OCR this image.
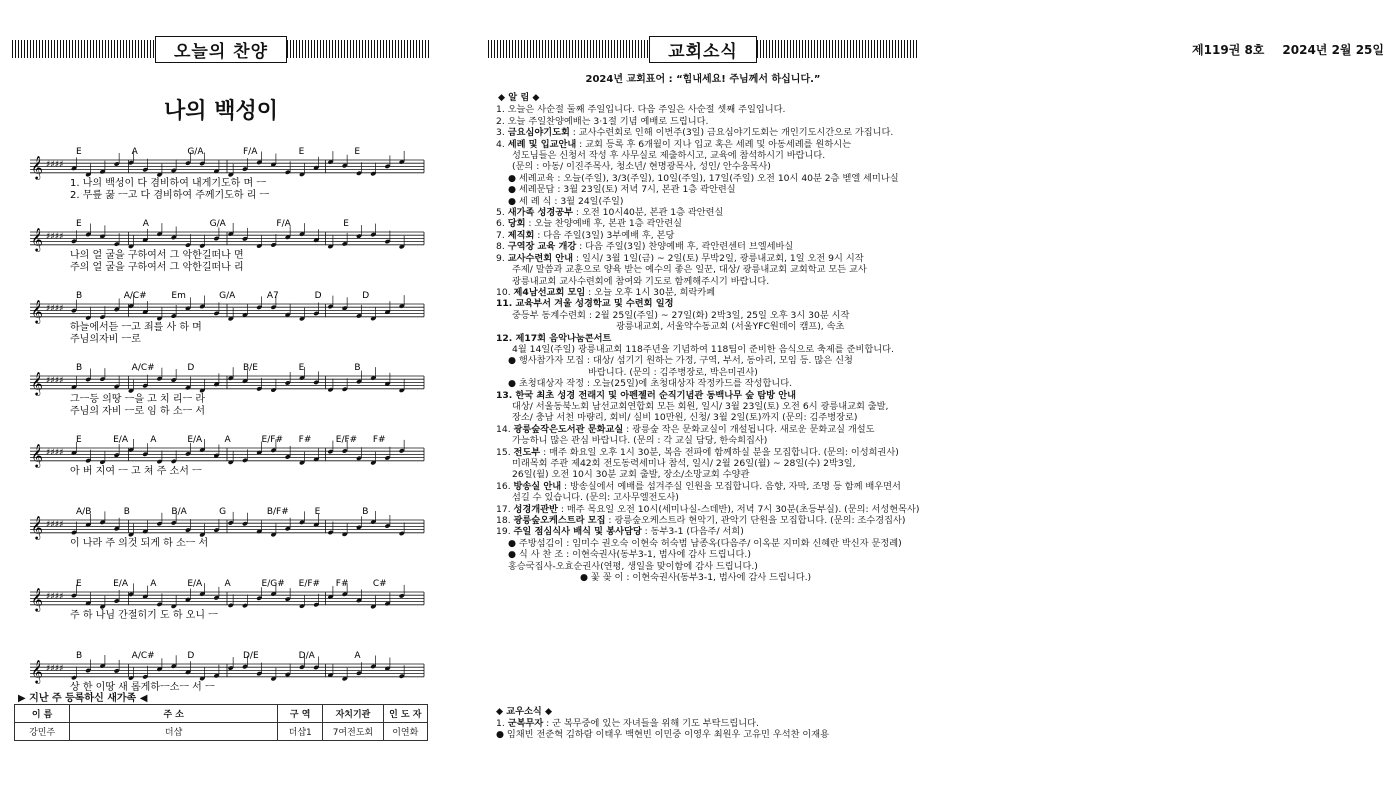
오늘의 찬양
나의 백성이
E	A	G/A	F/A	E	E
𝄞 ♯♯♯♯
1. 나의 백성이 다 겸비하여 내게기도하 며 ㅡ
2. 무릎 꿇 ㅡ고 다 겸비하여 주께기도하 리 ㅡ
E	A	G/A	F/A	E
𝄞 ♯♯♯♯
나의 얼 굴을 구하여서 그 악한길떠나 면
주의 얼 굴을 구하여서 그 악한길떠나 리
B	A/C#	Em	G/A	A7	D	D
𝄞 ♯♯♯♯
하늘에서듣 ㅡ고 죄를 사 하 며
주님의자비 ㅡ로
B	A/C#	D	B/E	E	B
𝄞 ♯♯♯♯
그ㅡ등 의땅 ㅡ을 고 치 리ㅡ 라
주님의 자비 ㅡ로 임 하 소ㅡ 서
E	E/A A	E/A A	E/F# F#	E/F# F#
𝄞 ♯♯♯♯
아 버 지여 ㅡ 고 쳐 주 소서 ㅡ
A/B	B	B/A	G	B/F#	E	B
𝄞 ♯♯♯♯
이 나라 주 의것 되게 하 소ㅡ 서
E	E/A A	E/A A	E/G# E/F# F#	C#
𝄞 ♯♯♯♯
주 하 나님 간절히기 도 하 오니 ㅡ
B	A/C#	D	D/E	D/A	A
𝄞 ♯♯♯♯
상 한 이땅 새 롭게하ㅡ소ㅡ 서 ㅡ
▶ 지난 주 등록하신 새가족 ◀
이 름	주 소	구 역	자치기관	인 도 자
강민주	더샵	더샵1	7여전도회	이연화
교회소식
2024년 교회표어 : “힘내세요! 주님께서 하십니다.”
◆ 알 림 ◆
1. 오늘은 사순절 둘째 주일입니다. 다음 주일은 사순절 셋째 주일입니다.
2. 오늘 주일찬양예배는 3·1절 기념 예배로 드립니다.
3. 금요심야기도회 : 교사수련회로 인해 이번주(3일) 금요심야기도회는 개인기도시간으로 가집니다.
4. 세례 및 입교안내 : 교회 등록 후 6개월이 지나 입교 혹은 세례 및 아동세례를 원하시는
성도님들은 신청서 작성 후 사무실로 제출하시고, 교육에 참석하시기 바랍니다.
(문의 : 아동/ 이진주목사, 청소년/ 현명광목사, 성인/ 안수웅목사)
● 세례교육 : 오늘(주일), 3/3(주일), 10일(주일), 17일(주일) 오전 10시 40분 2층 벧엘 세미나실
● 세례문답 : 3월 23일(토) 저녁 7시, 본관 1층 곽안련실
● 세 례 식 : 3월 24일(주일)
5. 새가족 성경공부 : 오전 10시40분, 본관 1층 곽안련실
6. 당회 : 오늘 찬양예배 후, 본관 1층 곽안련실
7. 제직회 : 다음 주일(3일) 3부예배 후, 본당
8. 구역장 교육 개강 : 다음 주일(3일) 찬양예배 후, 곽안련센터 브엘세바실
9. 교사수련회 안내 : 일시/ 3월 1일(금) ~ 2일(토) 무박2일, 광릉내교회, 1일 오전 9시 시작
주제/ 말씀과 교훈으로 양육 받는 예수의 좋은 일꾼, 대상/ 광릉내교회 교회학교 모든 교사
광릉내교회 교사수련회에 참여와 기도로 함께해주시기 바랍니다.
10. 제4남선교회 모임 : 오늘 오후 1시 30분, 희락카페
11. 교육부서 겨울 성경학교 및 수련회 일정
중등부 동계수련회 : 2월 25일(주일) ~ 27일(화) 2박3일, 25일 오후 3시 30분 시작
광릉내교회, 서울약수동교회 (서울YFC원데이 캠프), 속초
12. 제17회 음악나눔콘서트
4월 14일(주일) 광릉내교회 118주년을 기념하여 118팀이 준비한 음식으로 축제를 준비합니다.
● 행사참가자 모집 : 대상/ 섬기기 원하는 가정, 구역, 부서, 동아리, 모임 등. 많은 신청
바랍니다. (문의 : 김주병장로, 박은미권사)
● 초청대상자 작정 : 오늘(25일)에 초청대상자 작정카드를 작성합니다.
13. 한국 최초 성경 전래지 및 아펜젤러 순직기념관 동백나무 숲 탐방 안내
대상/ 서울동북노회 남선교회연합회 모든 회원, 일시/ 3월 23일(토) 오전 6시 광릉내교회 출발,
장소/ 충남 서천 마량리, 회비/ 실비 10만원, 신청/ 3월 2일(토)까지 (문의: 김주병장로)
14. 광릉숲작은도서관 문화교실 : 광릉숲 작은 문화교실이 개설됩니다. 새로운 문화교실 개설도
가능하니 많은 관심 바랍니다. (문의 : 각 교실 담당, 한숙희집사)
15. 전도부 : 매주 화요일 오후 1시 30분, 복음 전파에 함께하실 분을 모집합니다. (문의: 이성희권사)
미래목회 주관 제42회 전도동력세미나 참석, 일시/ 2월 26일(월) ~ 28일(수) 2박3일,
26일(월) 오전 10시 30분 교회 출발, 장소/소망교회 수양관
16. 방송실 안내 : 방송실에서 예배를 섬겨주실 인원을 모집합니다. 음향, 자막, 조명 등 함께 배우면서
섬길 수 있습니다. (문의: 고사무엘전도사)
17. 성경개관반 : 매주 목요일 오전 10시(세미나실-스데반), 저녁 7시 30분(초등부실). (문의: 서성현목사)
18. 광릉숲오케스트라 모집 : 광릉숲오케스트라 현악기, 관악기 단원을 모집합니다. (문의: 조수경집사)
19. 주일 점심식사 배식 및 봉사담당 : 동부3-1 (다음주/ 서희)
● 주방섬김이 : 임미수 권오숙 이현숙 허숙범 남종옥(다음주/ 이옥분 지미화 신혜란 박신자 문정례)
● 식 사 찬 조 : 이현숙권사(동부3-1, 범사에 감사 드립니다.)
홍승국집사-오효순권사(연평, 생일을 맞이함에 감사 드립니다.)
● 꽃 꽂 이 : 이현숙권사(동부3-1, 범사에 감사 드립니다.)
◆ 교우소식 ◆
1. 군복무자 : 군 복무중에 있는 자녀들을 위해 기도 부탁드립니다.
● 임채빈 전준혁 김하람 이태우 백현빈 이민중 이영우 최원우 고유민 우석찬 이재용
제119권 8호 2024년 2월 25일
